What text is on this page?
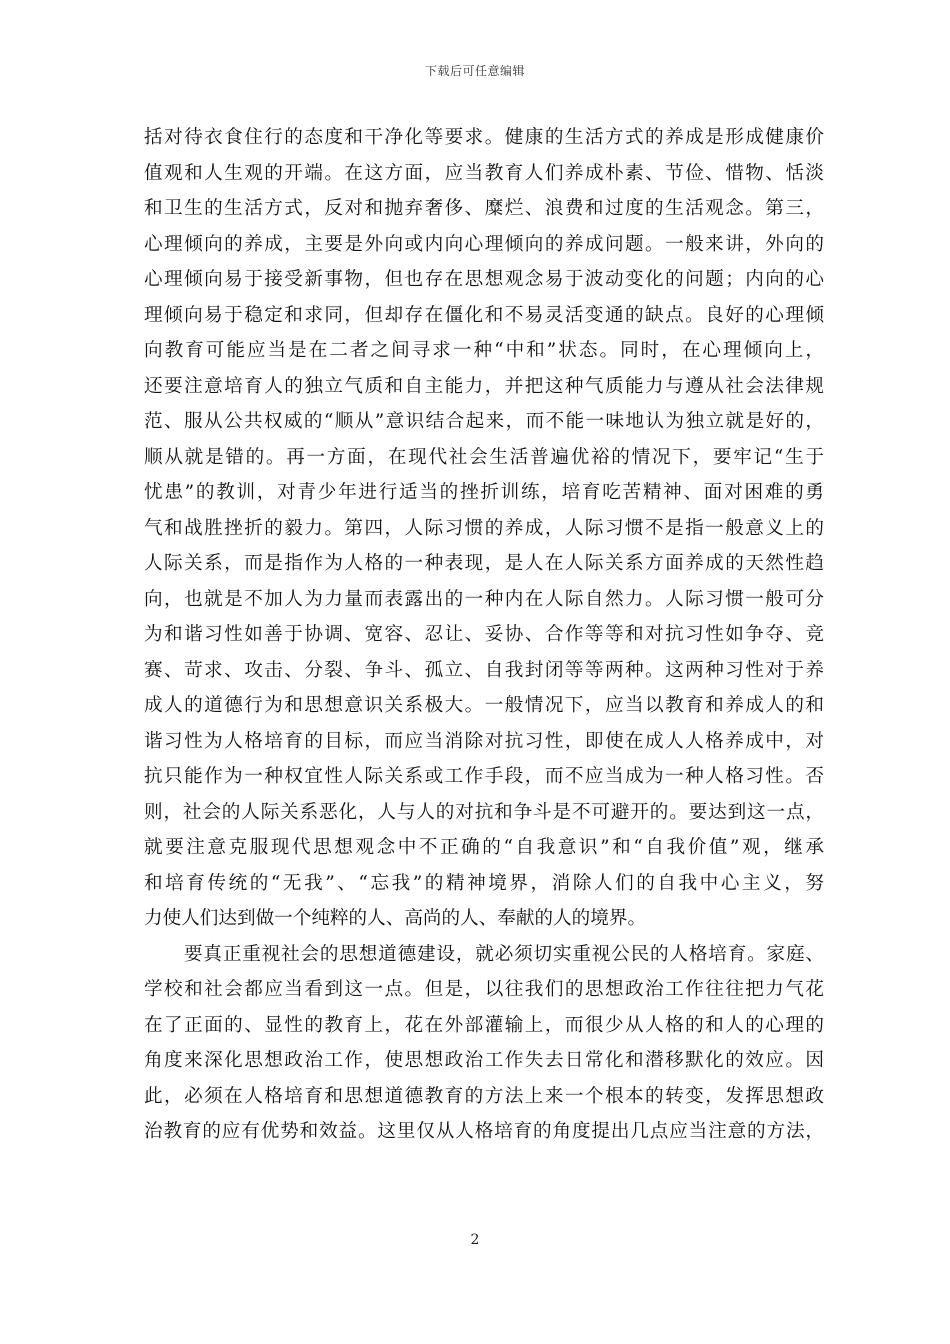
下载后可任意编辑
括对待衣食住行的态度和干净化等要求。健康的生活方式的养成是形成健康价
值观和人生观的开端。在这方面，应当教育人们养成朴素、节俭、惜物、恬淡
和卫生的生活方式，反对和抛弃奢侈、糜烂、浪费和过度的生活观念。第三，
心理倾向的养成，主要是外向或内向心理倾向的养成问题。一般来讲，外向的
心理倾向易于接受新事物，但也存在思想观念易于波动变化的问题；内向的心
理倾向易于稳定和求同，但却存在僵化和不易灵活变通的缺点。良好的心理倾
向教育可能应当是在二者之间寻求一种“中和”状态。同时，在心理倾向上，
还要注意培育人的独立气质和自主能力，并把这种气质能力与遵从社会法律规
范、服从公共权威的“顺从”意识结合起来，而不能一味地认为独立就是好的，
顺从就是错的。再一方面，在现代社会生活普遍优裕的情况下，要牢记“生于
忧患”的教训，对青少年进行适当的挫折训练，培育吃苦精神、面对困难的勇
气和战胜挫折的毅力。第四，人际习惯的养成，人际习惯不是指一般意义上的
人际关系，而是指作为人格的一种表现，是人在人际关系方面养成的天然性趋
向，也就是不加人为力量而表露出的一种内在人际自然力。人际习惯一般可分
为和谐习性如善于协调、宽容、忍让、妥协、合作等等和对抗习性如争夺、竞
赛、苛求、攻击、分裂、争斗、孤立、自我封闭等等两种。这两种习性对于养
成人的道德行为和思想意识关系极大。一般情况下，应当以教育和养成人的和
谐习性为人格培育的目标，而应当消除对抗习性，即使在成人人格养成中，对
抗只能作为一种权宜性人际关系或工作手段，而不应当成为一种人格习性。否
则，社会的人际关系恶化，人与人的对抗和争斗是不可避开的。要达到这一点，
就要注意克服现代思想观念中不正确的“自我意识”和“自我价值”观，继承
和培育传统的“无我”、“忘我”的精神境界，消除人们的自我中心主义，努
力使人们达到做一个纯粹的人、高尚的人、奉献的人的境界。
要真正重视社会的思想道德建设，就必须切实重视公民的人格培育。家庭、
学校和社会都应当看到这一点。但是，以往我们的思想政治工作往往把力气花
在了正面的、显性的教育上，花在外部灌输上，而很少从人格的和人的心理的
角度来深化思想政治工作，使思想政治工作失去日常化和潜移默化的效应。因
此，必须在人格培育和思想道德教育的方法上来一个根本的转变，发挥思想政
治教育的应有优势和效益。这里仅从人格培育的角度提出几点应当注意的方法，
2
